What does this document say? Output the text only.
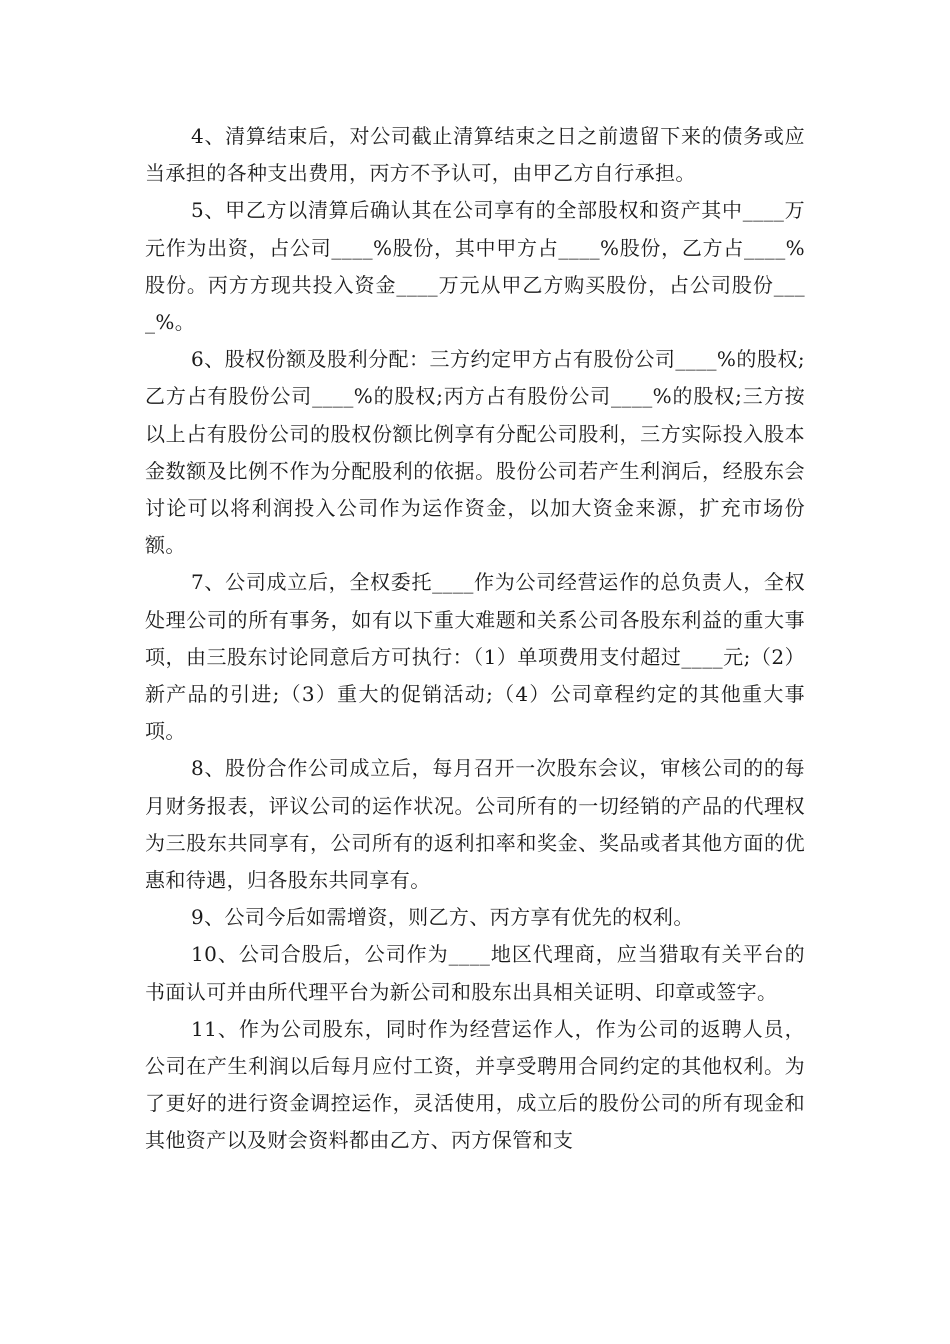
4、清算结束后，对公司截止清算结束之日之前遗留下来的债务或应当承担的各种支出费用，丙方不予认可，由甲乙方自行承担。

5、甲乙方以清算后确认其在公司享有的全部股权和资产其中____万元作为出资，占公司____%股份，其中甲方占____%股份，乙方占____%股份。丙方方现共投入资金____万元从甲乙方购买股份，占公司股份____%。

6、股权份额及股利分配：三方约定甲方占有股份公司____%的股权;乙方占有股份公司____%的股权;丙方占有股份公司____%的股权;三方按以上占有股份公司的股权份额比例享有分配公司股利，三方实际投入股本金数额及比例不作为分配股利的依据。股份公司若产生利润后，经股东会讨论可以将利润投入公司作为运作资金，以加大资金来源，扩充市场份额。

7、公司成立后，全权委托____作为公司经营运作的总负责人，全权处理公司的所有事务，如有以下重大难题和关系公司各股东利益的重大事项，由三股东讨论同意后方可执行：（1）单项费用支付超过____元;（2）新产品的引进;（3）重大的促销活动;（4）公司章程约定的其他重大事项。

8、股份合作公司成立后，每月召开一次股东会议，审核公司的的每月财务报表，评议公司的运作状况。公司所有的一切经销的产品的代理权为三股东共同享有，公司所有的返利扣率和奖金、奖品或者其他方面的优惠和待遇，归各股东共同享有。

9、公司今后如需增资，则乙方、丙方享有优先的权利。

10、公司合股后，公司作为____地区代理商，应当猎取有关平台的书面认可并由所代理平台为新公司和股东出具相关证明、印章或签字。

11、作为公司股东，同时作为经营运作人，作为公司的返聘人员，公司在产生利润以后每月应付工资，并享受聘用合同约定的其他权利。为了更好的进行资金调控运作，灵活使用，成立后的股份公司的所有现金和其他资产以及财会资料都由乙方、丙方保管和支
